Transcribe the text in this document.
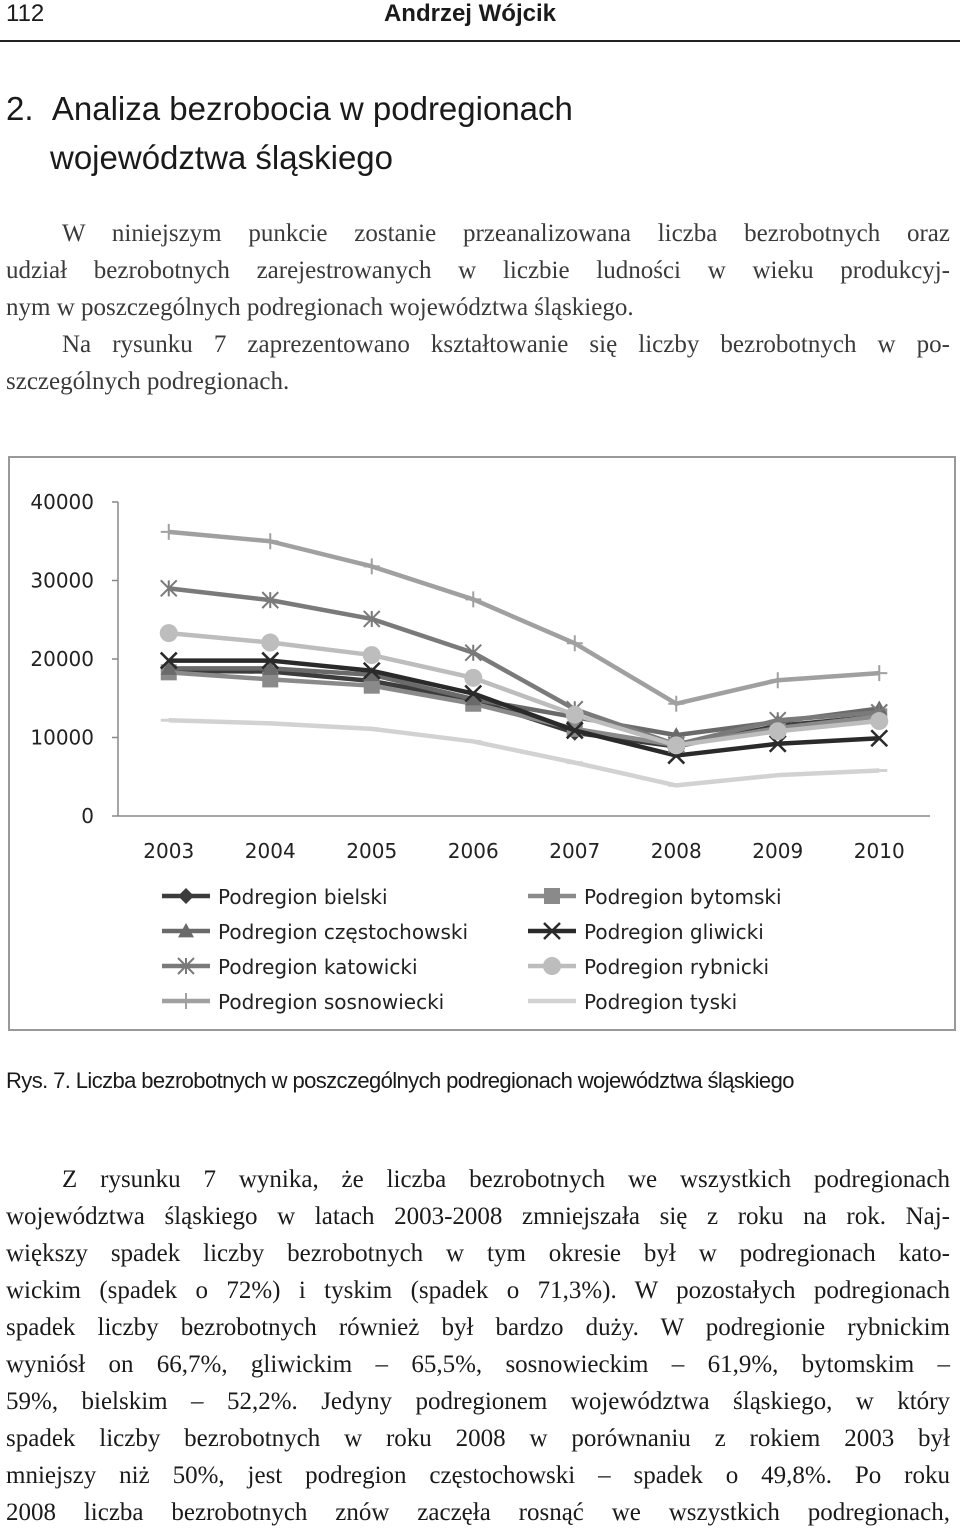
112	Andrzej Wójcik
2. Analiza bezrobocia w podregionach
województwa śląskiego
W niniejszym punkcie zostanie przeanalizowana liczba bezrobotnych oraz
udział bezrobotnych zarejestrowanych w liczbie ludności w wieku produkcyj-
nym w poszczególnych podregionach województwa śląskiego.
Na rysunku 7 zaprezentowano kształtowanie się liczby bezrobotnych w po-
szczególnych podregionach.
0
10000
20000
30000
40000
2003	2004	2005	2006	2007	2008	2009	2010
Podregion bielski	Podregion bytomski
Podregion częstochowski	Podregion gliwicki
Podregion katowicki	Podregion rybnicki
Podregion sosnowiecki	Podregion tyski
Rys. 7. Liczba bezrobotnych w poszczególnych podregionach województwa śląskiego
Z rysunku 7 wynika, że liczba bezrobotnych we wszystkich podregionach
województwa śląskiego w latach 2003-2008 zmniejszała się z roku na rok. Naj-
większy spadek liczby bezrobotnych w tym okresie był w podregionach kato-
wickim (spadek o 72%) i tyskim (spadek o 71,3%). W pozostałych podregionach
spadek liczby bezrobotnych również był bardzo duży. W podregionie rybnickim
wyniósł on 66,7%, gliwickim – 65,5%, sosnowieckim – 61,9%, bytomskim –
59%, bielskim – 52,2%. Jedyny podregionem województwa śląskiego, w który
spadek liczby bezrobotnych w roku 2008 w porównaniu z rokiem 2003 był
mniejszy niż 50%, jest podregion częstochowski – spadek o 49,8%. Po roku
2008 liczba bezrobotnych znów zaczęła rosnąć we wszystkich podregionach,
